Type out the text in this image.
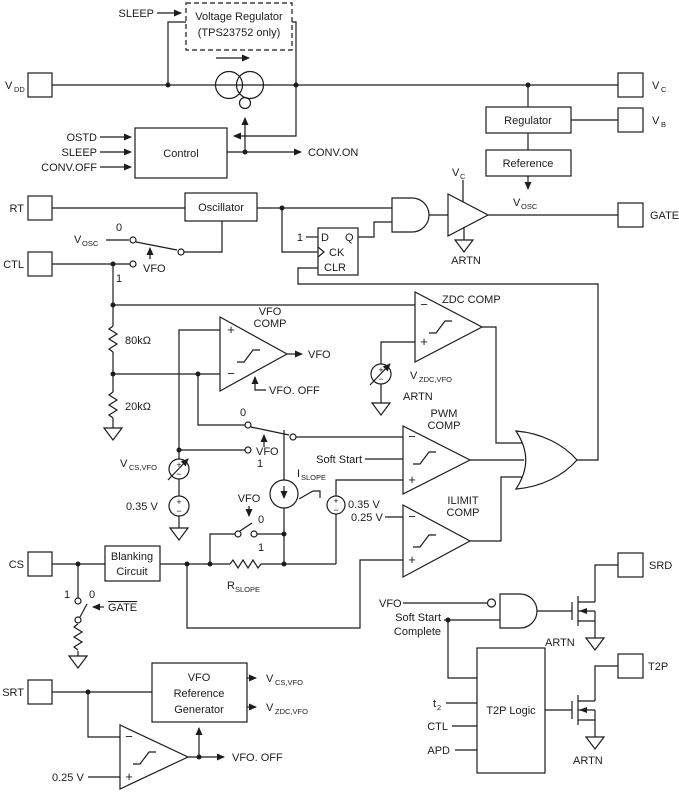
Voltage Regulator
(TPS23752 only)
SLEEP
Control
OSTD
SLEEP
CONV.OFF
CONV.ON
Regulator
Reference
V OSC
Oscillator
1 D Q
CK
CLR
V C
ARTN
V OSC
0
1
VFO
80kΩ
20kΩ
VFO
COMP
+
−
VFO
VFO. OFF
ZDC COMP
−
+
+
− V ZDC,VFO
ARTN
0
VFO
1
+
−
+
−
V CS,VFO
0.35 V
I SLOPE
VFO
0
1
+
− 0.35 V
PWM
COMP
−
+
Soft Start
ILIMIT
COMP
−
+
0.25 V
Blanking
Circuit
R SLOPE
1 0
GATE
VFO
Reference
Generator
V CS,VFO
V ZDC,VFO
−
+
0.25 V
VFO. OFF
VFO
Soft Start
Complete
ARTN
T2P Logic
t 2
CTL
APD
ARTN
V DD
RT
CTL
CS
SRT
V C
V B
GATE
SRD
T2P
